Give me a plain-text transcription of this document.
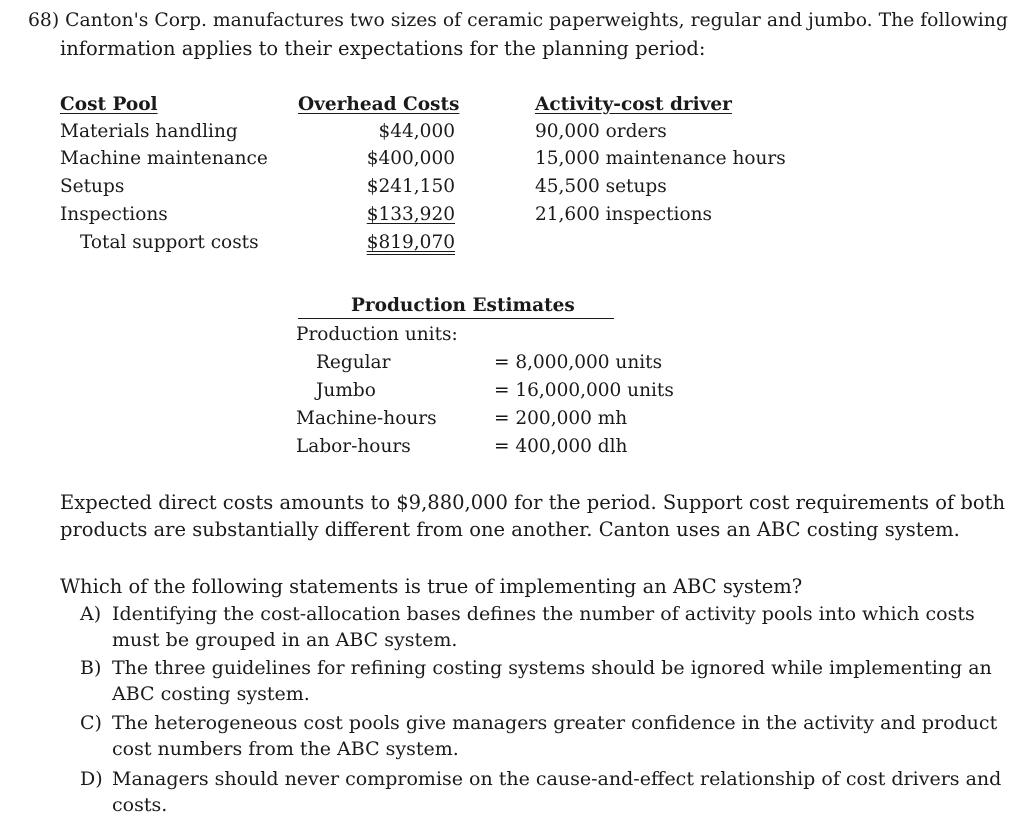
68) Canton's Corp. manufactures two sizes of ceramic paperweights, regular and jumbo. The following
information applies to their expectations for the planning period:
Cost Pool	Overhead Costs	Activity-cost driver
Materials handling	$44,000	90,000 orders
Machine maintenance	$400,000	15,000 maintenance hours
Setups	$241,150	45,500 setups
Inspections	$133,920	21,600 inspections
Total support costs	$819,070
Production Estimates
Production units:
Regular	= 8,000,000 units
Jumbo	= 16,000,000 units
Machine-hours	= 200,000 mh
Labor-hours	= 400,000 dlh
Expected direct costs amounts to $9,880,000 for the period. Support cost requirements of both
products are substantially different from one another. Canton uses an ABC costing system.
Which of the following statements is true of implementing an ABC system?
A) Identifying the cost-allocation bases defines the number of activity pools into which costs
must be grouped in an ABC system.
B) The three guidelines for refining costing systems should be ignored while implementing an
ABC costing system.
C) The heterogeneous cost pools give managers greater confidence in the activity and product
cost numbers from the ABC system.
D) Managers should never compromise on the cause-and-effect relationship of cost drivers and
costs.
